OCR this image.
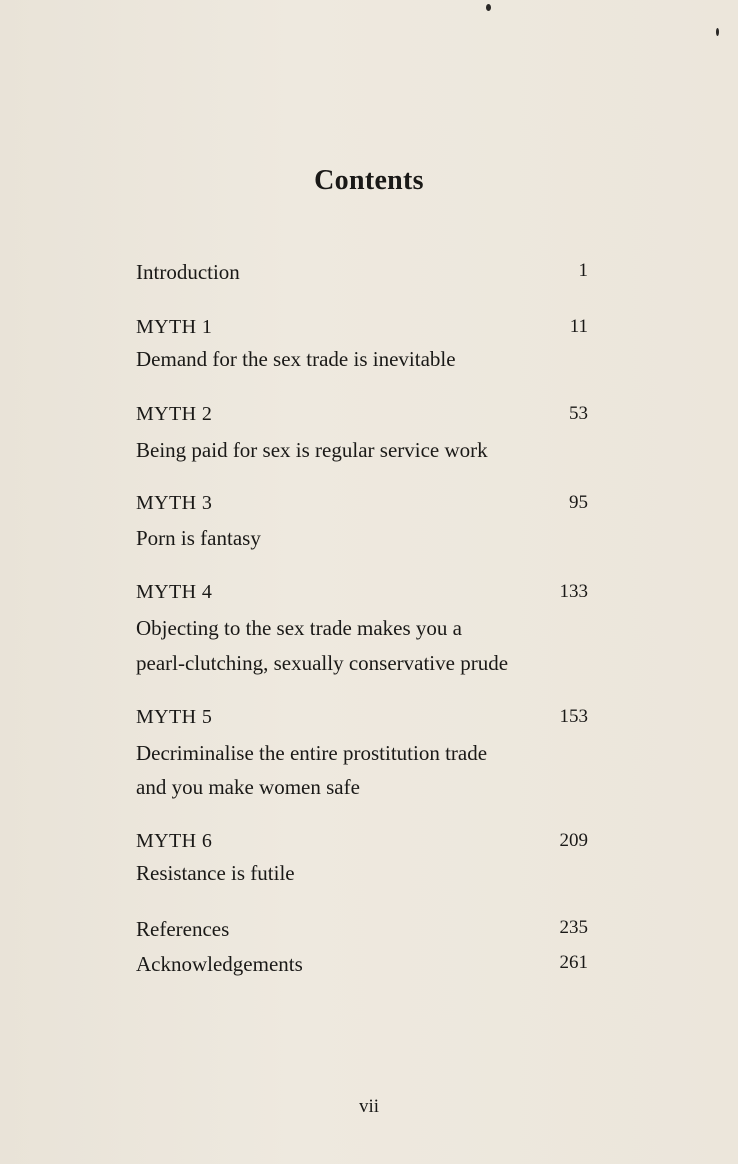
Contents
Introduction	1
MYTH 1	11
Demand for the sex trade is inevitable
MYTH 2	53
Being paid for sex is regular service work
MYTH 3	95
Porn is fantasy
MYTH 4	133
Objecting to the sex trade makes you a
pearl-clutching, sexually conservative prude
MYTH 5	153
Decriminalise the entire prostitution trade
and you make women safe
MYTH 6	209
Resistance is futile
References	235
Acknowledgements	261
vii
